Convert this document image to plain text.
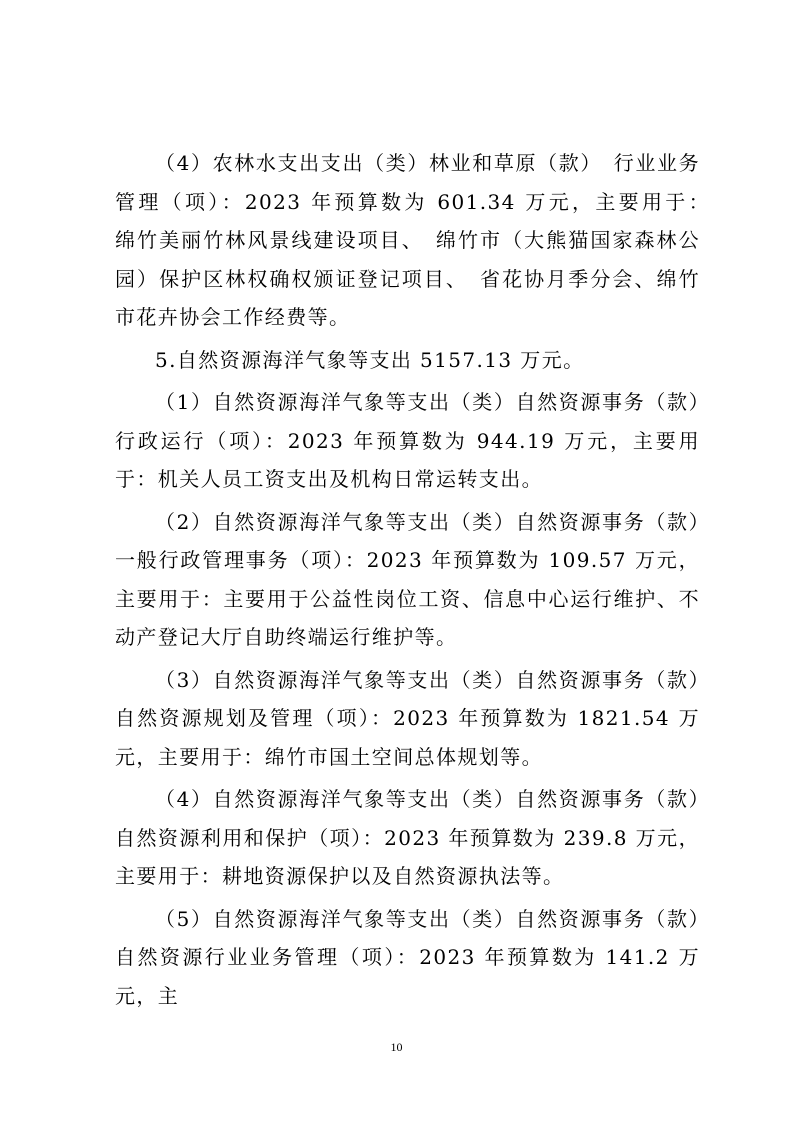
（4）农林水支出支出（类）林业和草原（款）　行业业务管理（项）：2023 年预算数为 601.34 万元，主要用于：　绵竹美丽竹林风景线建设项目、　绵竹市（大熊猫国家森林公园）保护区林权确权颁证登记项目、　省花协月季分会、绵竹市花卉协会工作经费等。

5.自然资源海洋气象等支出 5157.13 万元。

（1）自然资源海洋气象等支出（类）自然资源事务（款）行政运行（项）：2023 年预算数为 944.19 万元，主要用于：机关人员工资支出及机构日常运转支出。

（2）自然资源海洋气象等支出（类）自然资源事务（款）一般行政管理事务（项）：2023 年预算数为 109.57 万元，主要用于：主要用于公益性岗位工资、信息中心运行维护、不动产登记大厅自助终端运行维护等。

（3）自然资源海洋气象等支出（类）自然资源事务（款）自然资源规划及管理（项）：2023 年预算数为 1821.54 万元，主要用于：绵竹市国土空间总体规划等。

（4）自然资源海洋气象等支出（类）自然资源事务（款）自然资源利用和保护（项）：2023 年预算数为 239.8 万元，主要用于：耕地资源保护以及自然资源执法等。

（5）自然资源海洋气象等支出（类）自然资源事务（款）自然资源行业业务管理（项）：2023 年预算数为 141.2 万元，主

10
